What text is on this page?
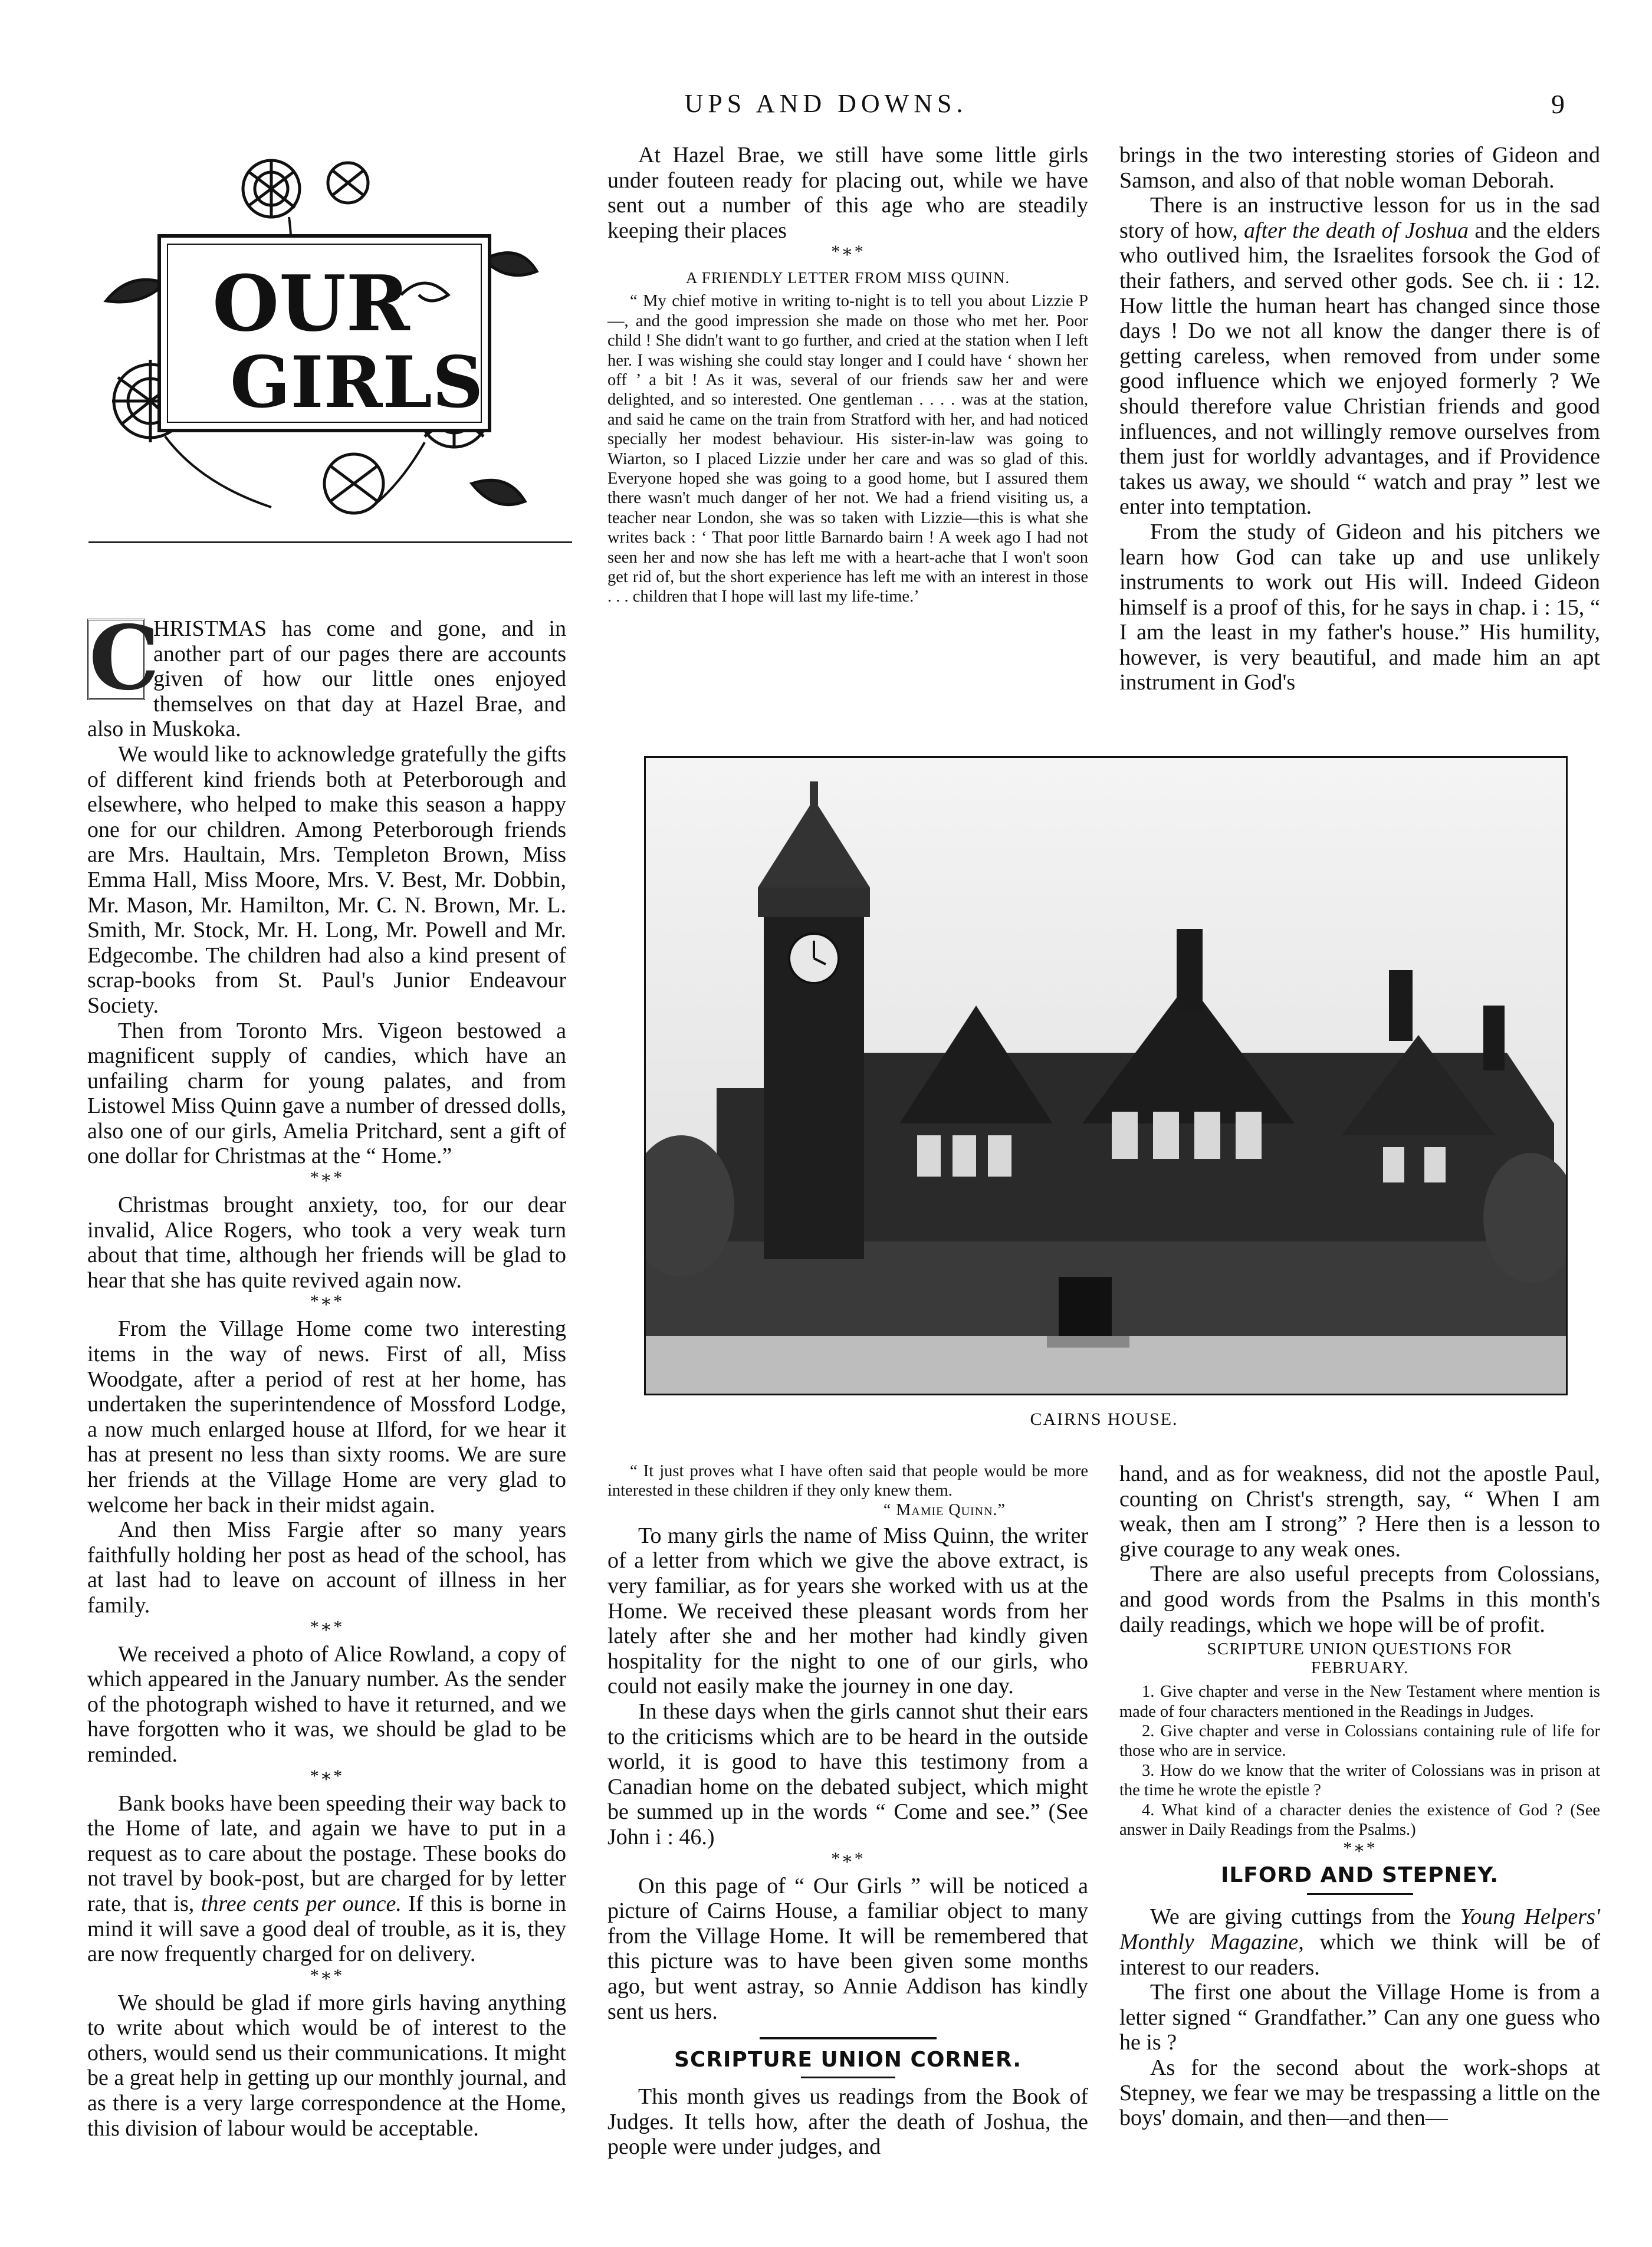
UPS AND DOWNS.	9
OUR
GIRLS

C
HRISTMAS has come and gone, and in another part of our pages there are accounts given of how our little ones enjoyed themselves on that day at Hazel Brae, and also in Muskoka.

We would like to acknowledge gratefully the gifts of different kind friends both at Peterborough and elsewhere, who helped to make this season a happy one for our children. Among Peterborough friends are Mrs. Haultain, Mrs. Templeton Brown, Miss Emma Hall, Miss Moore, Mrs. V. Best, Mr. Dobbin, Mr. Mason, Mr. Hamilton, Mr. C. N. Brown, Mr. L. Smith, Mr. Stock, Mr. H. Long, Mr. Powell and Mr. Edgecombe. The children had also a kind present of scrap-books from St. Paul's Junior Endeavour Society.

Then from Toronto Mrs. Vigeon bestowed a magnificent supply of candies, which have an unfailing charm for young palates, and from Listowel Miss Quinn gave a number of dressed dolls, also one of our girls, Amelia Pritchard, sent a gift of one dollar for Christmas at the “ Home.”

*∗*

Christmas brought anxiety, too, for our dear invalid, Alice Rogers, who took a very weak turn about that time, although her friends will be glad to hear that she has quite revived again now.

*∗*

From the Village Home come two interesting items in the way of news. First of all, Miss Woodgate, after a period of rest at her home, has undertaken the superintendence of Mossford Lodge, a now much enlarged house at Ilford, for we hear it has at present no less than sixty rooms. We are sure her friends at the Village Home are very glad to welcome her back in their midst again.

And then Miss Fargie after so many years faithfully holding her post as head of the school, has at last had to leave on account of illness in her family.

*∗*

We received a photo of Alice Rowland, a copy of which appeared in the January number. As the sender of the photograph wished to have it returned, and we have forgotten who it was, we should be glad to be reminded.

*∗*

Bank books have been speeding their way back to the Home of late, and again we have to put in a request as to care about the postage. These books do not travel by book-post, but are charged for by letter rate, that is, three cents per ounce. If this is borne in mind it will save a good deal of trouble, as it is, they are now frequently charged for on delivery.

*∗*

We should be glad if more girls having anything to write about which would be of interest to the others, would send us their communications. It might be a great help in getting up our monthly journal, and as there is a very large correspondence at the Home, this division of labour would be acceptable.

At Hazel Brae, we still have some little girls under fouteen ready for placing out, while we have sent out a number of this age who are steadily keeping their places

*∗*
A FRIENDLY LETTER FROM MISS QUINN.

“ My chief motive in writing to-night is to tell you about Lizzie P—, and the good impression she made on those who met her. Poor child ! She didn't want to go further, and cried at the station when I left her. I was wishing she could stay longer and I could have ‘ shown her off ’ a bit ! As it was, several of our friends saw her and were delighted, and so interested. One gentleman . . . . was at the station, and said he came on the train from Stratford with her, and had noticed specially her modest behaviour. His sister-in-law was going to Wiarton, so I placed Lizzie under her care and was so glad of this. Everyone hoped she was going to a good home, but I assured them there wasn't much danger of her not. We had a friend visiting us, a teacher near London, she was so taken with Lizzie—this is what she writes back : ‘ That poor little Barnardo bairn ! A week ago I had not seen her and now she has left me with a heart-ache that I won't soon get rid of, but the short experience has left me with an interest in those . . . children that I hope will last my life-time.’

brings in the two interesting stories of Gideon and Samson, and also of that noble woman Deborah.

There is an instructive lesson for us in the sad story of how, after the death of Joshua and the elders who outlived him, the Israelites forsook the God of their fathers, and served other gods. See ch. ii : 12. How little the human heart has changed since those days ! Do we not all know the danger there is of getting careless, when removed from under some good influence which we enjoyed formerly ? We should therefore value Christian friends and good influences, and not willingly remove ourselves from them just for worldly advantages, and if Providence takes us away, we should “ watch and pray ” lest we enter into temptation.

From the study of Gideon and his pitchers we learn how God can take up and use unlikely instruments to work out His will. Indeed Gideon himself is a proof of this, for he says in chap. i : 15, “ I am the least in my father's house.” His humility, however, is very beautiful, and made him an apt instrument in God's

CAIRNS HOUSE.

“ It just proves what I have often said that people would be more interested in these children if they only knew them.

“ Mamie Quinn.”

To many girls the name of Miss Quinn, the writer of a letter from which we give the above extract, is very familiar, as for years she worked with us at the Home. We received these pleasant words from her lately after she and her mother had kindly given hospitality for the night to one of our girls, who could not easily make the journey in one day.

In these days when the girls cannot shut their ears to the criticisms which are to be heard in the outside world, it is good to have this testimony from a Canadian home on the debated subject, which might be summed up in the words “ Come and see.” (See John i : 46.)

*∗*

On this page of “ Our Girls ” will be noticed a picture of Cairns House, a familiar object to many from the Village Home. It will be remembered that this picture was to have been given some months ago, but went astray, so Annie Addison has kindly sent us hers.

SCRIPTURE UNION CORNER.

This month gives us readings from the Book of Judges. It tells how, after the death of Joshua, the people were under judges, and

hand, and as for weakness, did not the apostle Paul, counting on Christ's strength, say, “ When I am weak, then am I strong” ? Here then is a lesson to give courage to any weak ones.

There are also useful precepts from Colossians, and good words from the Psalms in this month's daily readings, which we hope will be of profit.

SCRIPTURE UNION QUESTIONS FOR
FEBRUARY.

1. Give chapter and verse in the New Testament where mention is made of four characters mentioned in the Readings in Judges.

2. Give chapter and verse in Colossians containing rule of life for those who are in service.

3. How do we know that the writer of Colossians was in prison at the time he wrote the epistle ?

4. What kind of a character denies the existence of God ? (See answer in Daily Readings from the Psalms.)

*∗*
ILFORD AND STEPNEY.

We are giving cuttings from the Young Helpers' Monthly Magazine, which we think will be of interest to our readers.

The first one about the Village Home is from a letter signed “ Grandfather.” Can any one guess who he is ?

As for the second about the work-shops at Stepney, we fear we may be trespassing a little on the boys' domain, and then—and then—
